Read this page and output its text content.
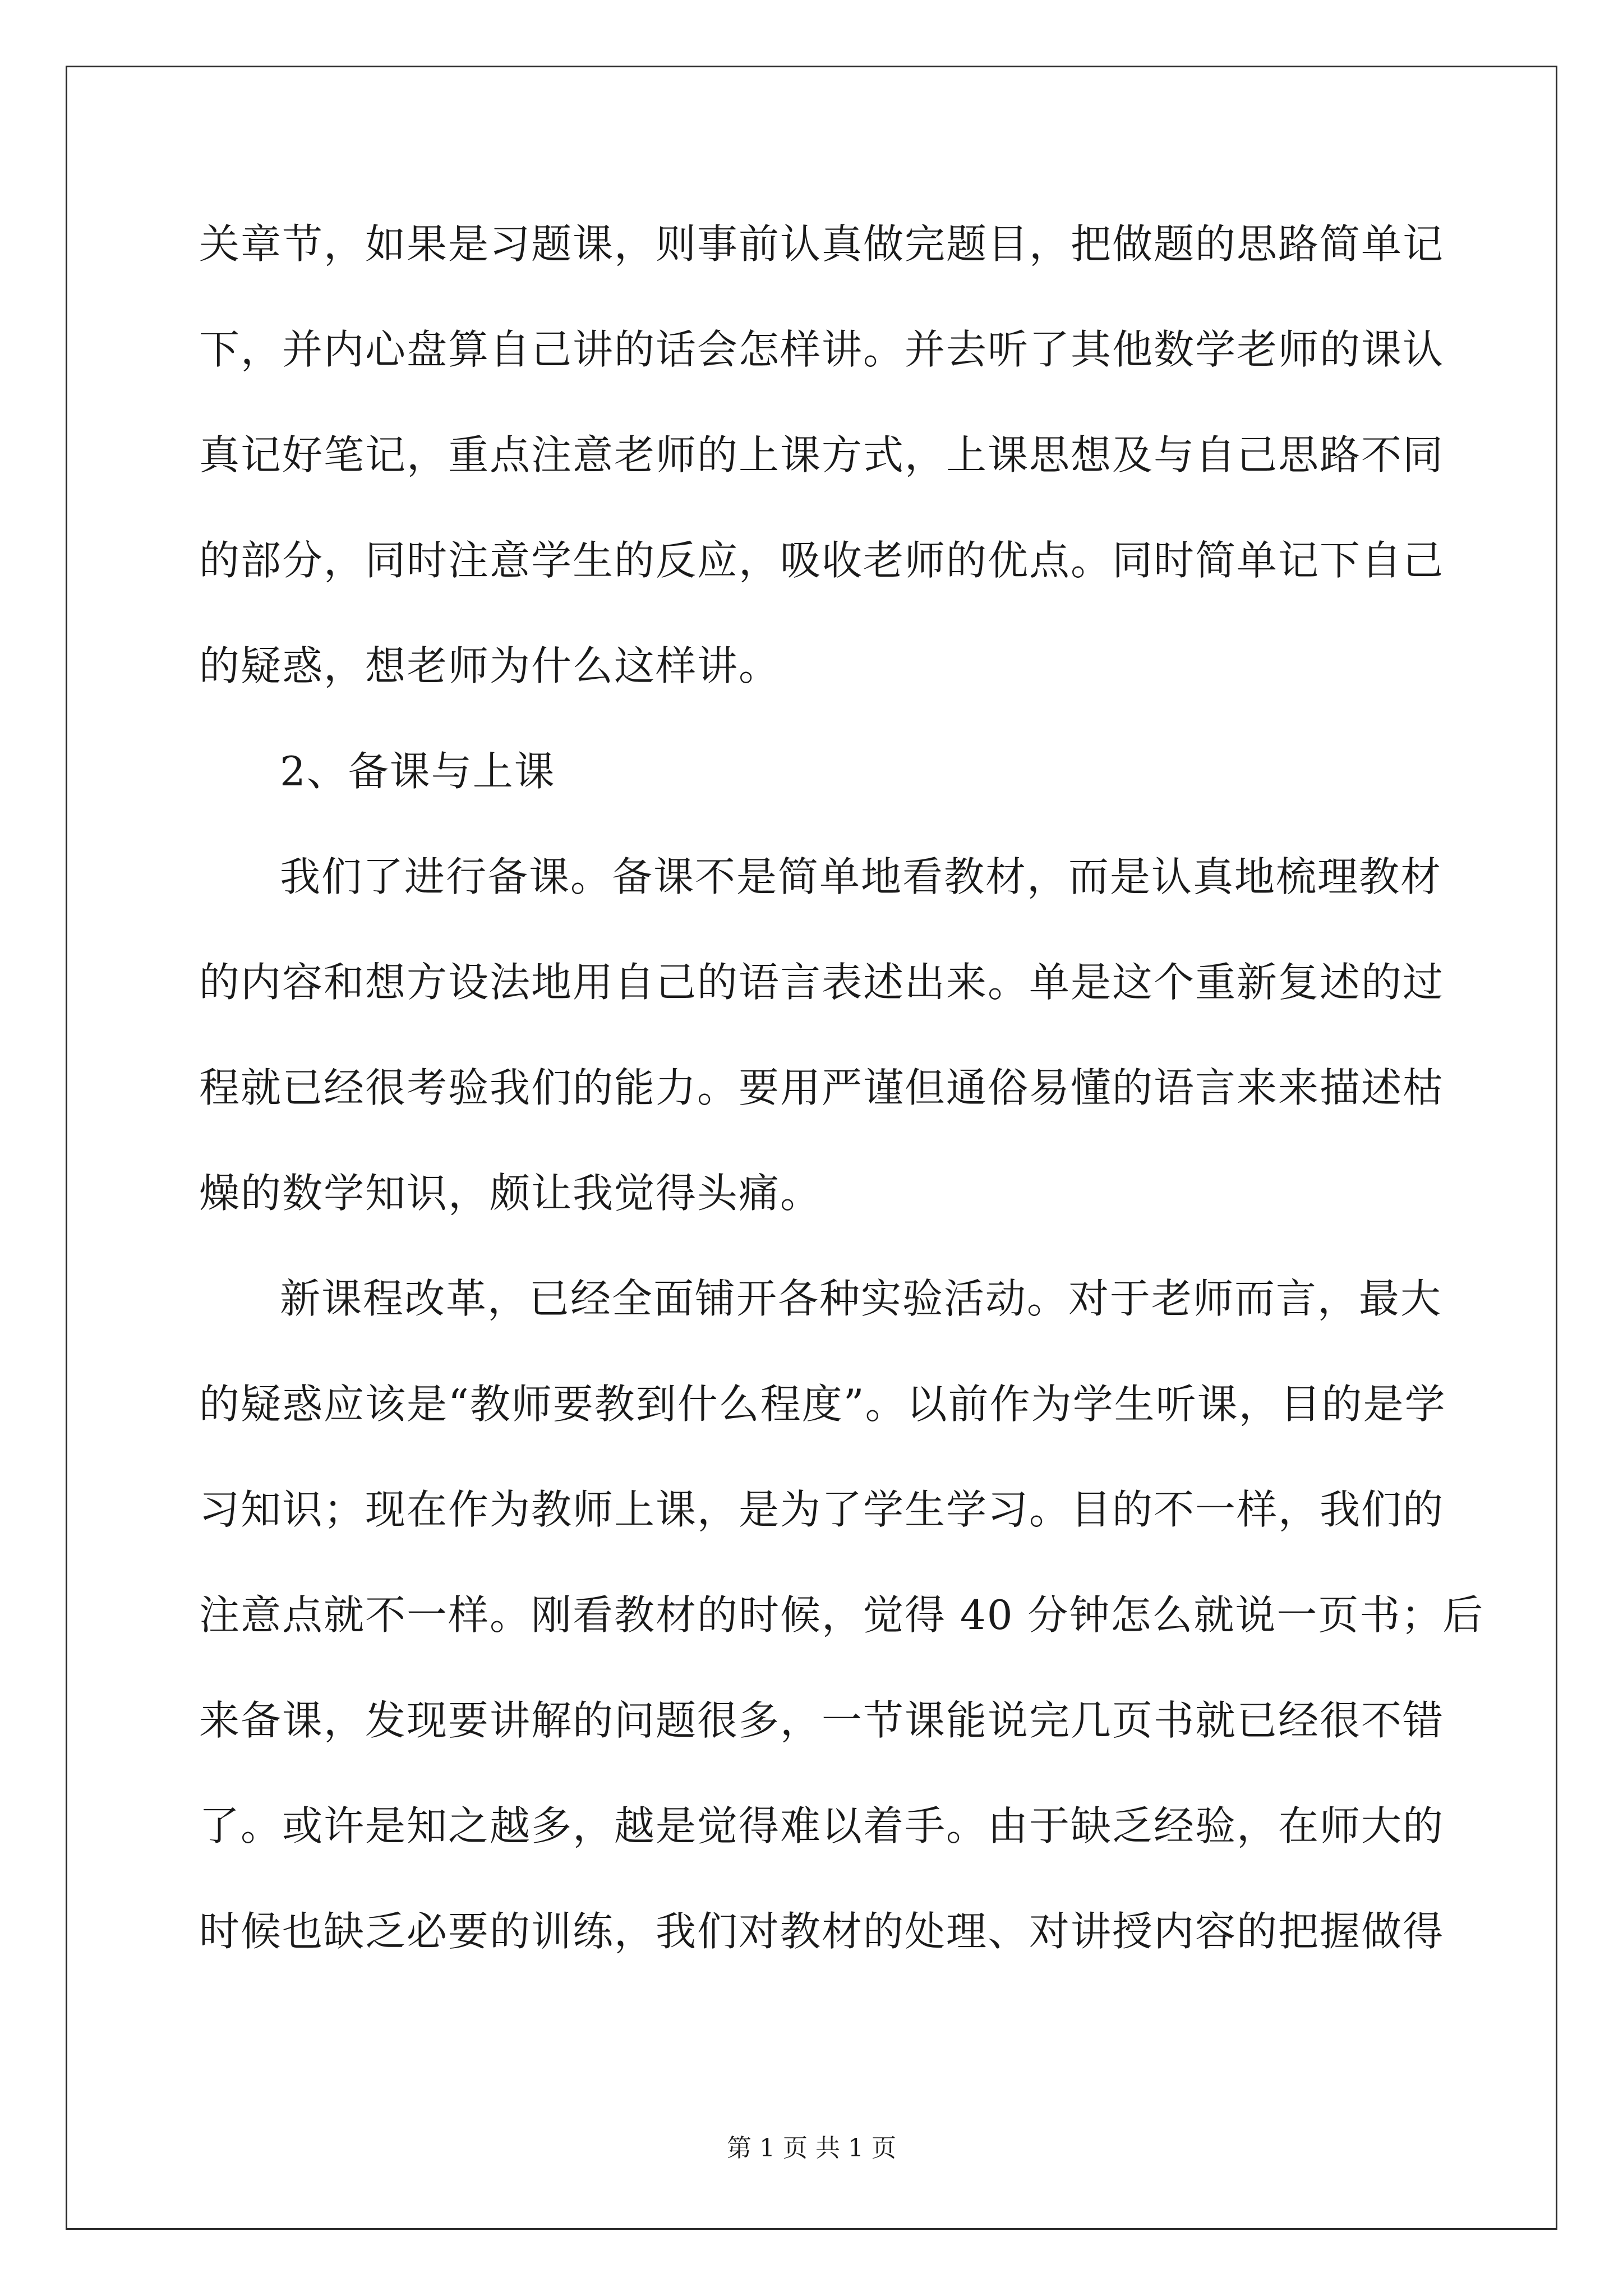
关章节，如果是习题课，则事前认真做完题目，把做题的思路简单记
下，并内心盘算自己讲的话会怎样讲。并去听了其他数学老师的课认
真记好笔记，重点注意老师的上课方式，上课思想及与自己思路不同
的部分，同时注意学生的反应，吸收老师的优点。同时简单记下自己
的疑惑，想老师为什么这样讲。
2、备课与上课
我们了进行备课。备课不是简单地看教材，而是认真地梳理教材
的内容和想方设法地用自己的语言表述出来。单是这个重新复述的过
程就已经很考验我们的能力。要用严谨但通俗易懂的语言来来描述枯
燥的数学知识，颇让我觉得头痛。
新课程改革，已经全面铺开各种实验活动。对于老师而言，最大
的疑惑应该是“教师要教到什么程度”。以前作为学生听课，目的是学
习知识；现在作为教师上课，是为了学生学习。目的不一样，我们的
注意点就不一样。刚看教材的时候，觉得 40 分钟怎么就说一页书；后
来备课，发现要讲解的问题很多，一节课能说完几页书就已经很不错
了。或许是知之越多，越是觉得难以着手。由于缺乏经验，在师大的
时候也缺乏必要的训练，我们对教材的处理、对讲授内容的把握做得
第 1 页 共 1 页
